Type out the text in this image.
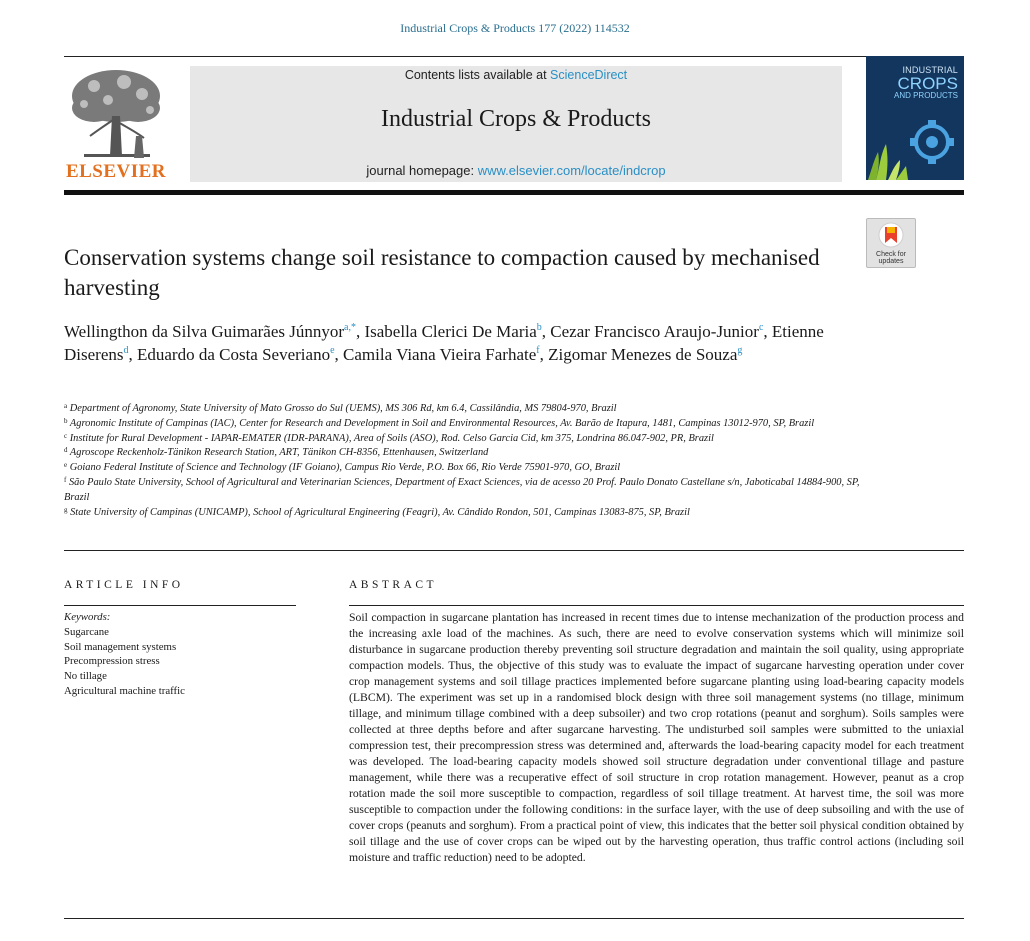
Industrial Crops & Products 177 (2022) 114532
ELSEVIER
Contents lists available at ScienceDirect
Industrial Crops & Products
journal homepage: www.elsevier.com/locate/indcrop
INDUSTRIAL
CROPS
AND PRODUCTS
Check for updates
Conservation systems change soil resistance to compaction caused by mechanised harvesting
Wellingthon da Silva Guimarães Júnnyor$^{a,*}$, Isabella Clerici De Maria$^b$, Cezar Francisco Araujo-Junior$^c$, Etienne Diserens$^d$, Eduardo da Costa Severiano$^e$, Camila Viana Vieira Farhate$^f$, Zigomar Menezes de Souza$^g$

$^a$ Department of Agronomy, State University of Mato Grosso do Sul (UEMS), MS 306 Rd, km 6.4, Cassilândia, MS 79804-970, Brazil

$^b$ Agronomic Institute of Campinas (IAC), Center for Research and Development in Soil and Environmental Resources, Av. Barão de Itapura, 1481, Campinas 13012-970, SP, Brazil

$^c$ Institute for Rural Development - IAPAR-EMATER (IDR-PARANA), Area of Soils (ASO), Rod. Celso Garcia Cid, km 375, Londrina 86.047-902, PR, Brazil

$^d$ Agroscope Reckenholz-Tänikon Research Station, ART, Tänikon CH-8356, Ettenhausen, Switzerland

$^e$ Goiano Federal Institute of Science and Technology (IF Goiano), Campus Rio Verde, P.O. Box 66, Rio Verde 75901-970, GO, Brazil

$^f$ São Paulo State University, School of Agricultural and Veterinarian Sciences, Department of Exact Sciences, via de acesso 20 Prof. Paulo Donato Castellane s/n, Jaboticabal 14884-900, SP, Brazil

$^g$ State University of Campinas (UNICAMP), School of Agricultural Engineering (Feagri), Av. Cândido Rondon, 501, Campinas 13083-875, SP, Brazil

ARTICLE INFO

Keywords:

Sugarcane

Soil management systems

Precompression stress

No tillage

Agricultural machine traffic

ABSTRACT

Soil compaction in sugarcane plantation has increased in recent times due to intense mechanization of the production process and the increasing axle load of the machines. As such, there are need to evolve conservation systems which will minimize soil disturbance in sugarcane production thereby preventing soil structure degradation and maintain the soil quality, using appropriate compaction models. Thus, the objective of this study was to evaluate the impact of sugarcane harvesting operation under cover crop management systems and soil tillage practices implemented before sugarcane planting using load-bearing capacity models (LBCM). The experiment was set up in a randomised block design with three soil management systems (no tillage, minimum tillage, and minimum tillage combined with a deep subsoiler) and two crop rotations (peanut and sorghum). Soils samples were collected at three depths before and after sugarcane harvesting. The undisturbed soil samples were submitted to the uniaxial compression test, their precompression stress was determined and, afterwards the load-bearing capacity model for each treatment was developed. The load-bearing capacity models showed soil structure degradation under conventional tillage and pasture management, while there was a recuperative effect of soil structure in crop rotation management. However, peanut as a crop rotation made the soil more susceptible to compaction, regardless of soil tillage treatment. At harvest time, the soil was more susceptible to compaction under the following conditions: in the surface layer, with the use of deep subsoiling and with the use of cover crops (peanuts and sorghum). From a practical point of view, this indicates that the better soil physical condition obtained by soil tillage and the use of cover crops can be wiped out by the harvesting operation, thus traffic control actions (including soil moisture and traffic reduction) need to be adopted.
